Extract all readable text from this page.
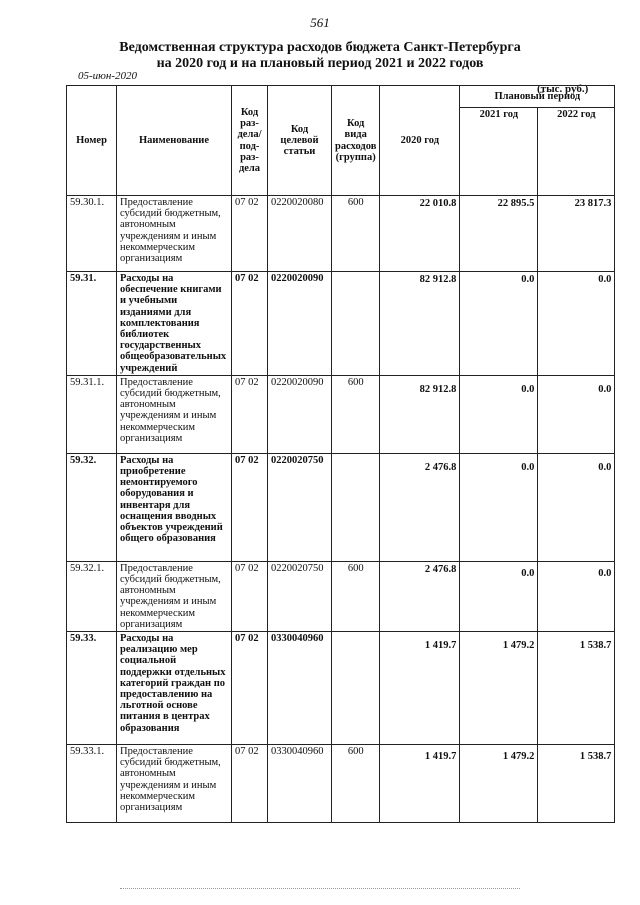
561
Ведомственная структура расходов бюджета Санкт-Петербурга
на 2020 год и на плановый период 2021 и 2022 годов
05-июн-2020
(тыс. руб.)
Номер	Наименование	Код раз- дела/ под- раз- дела	Код целевой статьи	Код вида расходов (группа)	2020 год	Плановый период	
						2021 год	2022 год
59.30.1.	Предоставление субсидий бюджетным, автономным учреждениям и иным некоммерческим организациям	07 02	0220020080	600	22 010.8	22 895.5	23 817.3
59.31.	Расходы на обеспечение книгами и учебными изданиями для комплектования библиотек государственных общеобразовательных учреждений	07 02	0220020090		82 912.8	0.0	0.0
59.31.1.	Предоставление субсидий бюджетным, автономным учреждениям и иным некоммерческим организациям	07 02	0220020090	600	82 912.8	0.0	0.0
59.32.	Расходы на приобретение немонтируемого оборудования и инвентаря для оснащения вводных объектов учреждений общего образования	07 02	0220020750		2 476.8	0.0	0.0
59.32.1.	Предоставление субсидий бюджетным, автономным учреждениям и иным некоммерческим организациям	07 02	0220020750	600	2 476.8	0.0	0.0
59.33.	Расходы на реализацию мер социальной поддержки отдельных категорий граждан по предоставлению на льготной основе питания в центрах образования	07 02	0330040960		1 419.7	1 479.2	1 538.7
59.33.1.	Предоставление субсидий бюджетным, автономным учреждениям и иным некоммерческим организациям	07 02	0330040960	600	1 419.7	1 479.2	1 538.7
